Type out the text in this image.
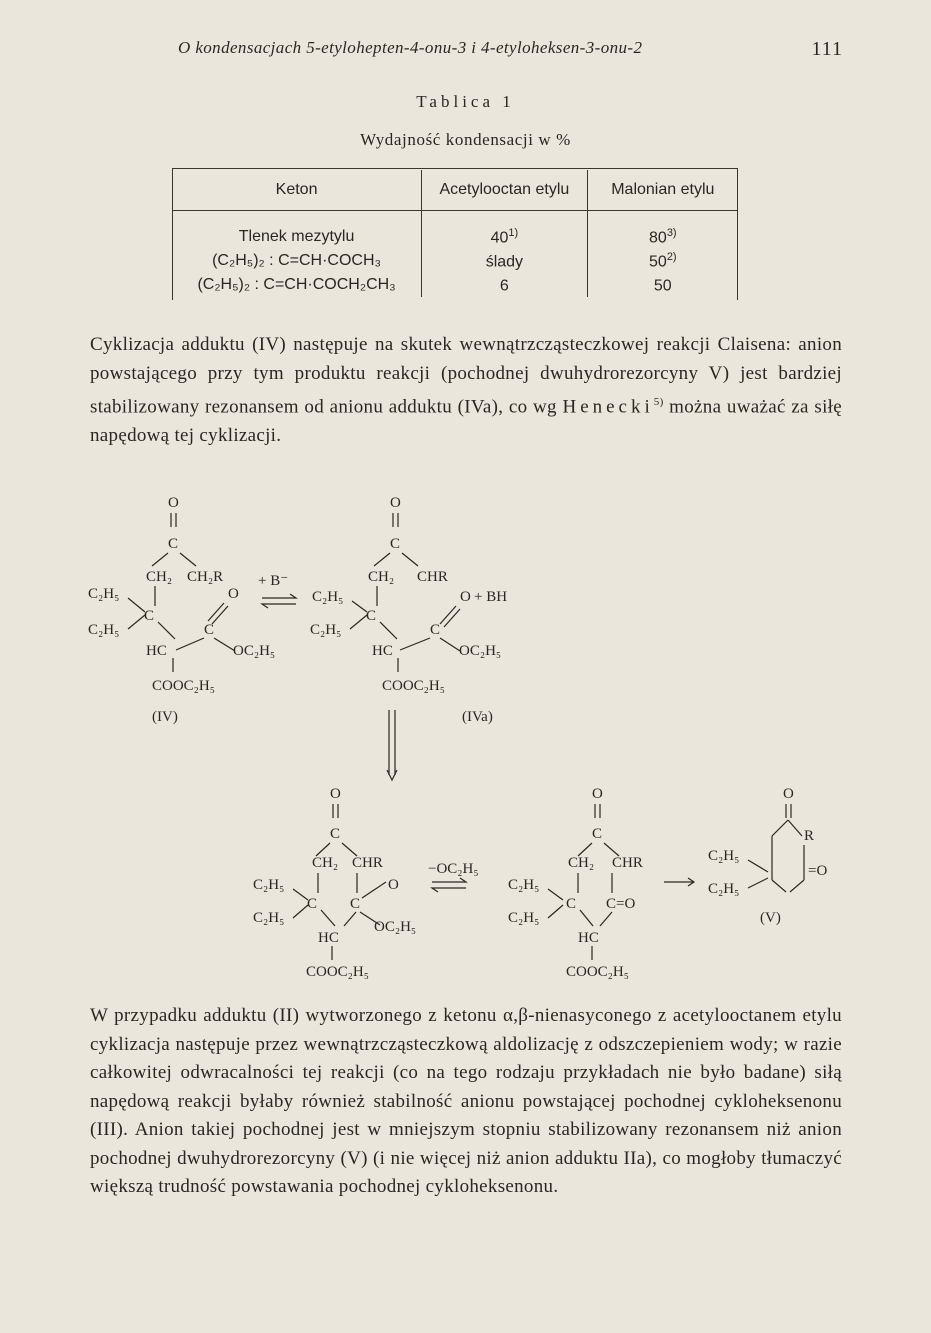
O kondensacjach 5-etylohepten-4-onu-3 i 4-etyloheksen-3-onu-2	111
Tablica 1
Wydajność kondensacji w %
Keton	Acetylooctan etylu	Malonian etylu
Tlenek mezytylu	40$^{1)}$	80$^{3)}$
(C₂H₅)₂ : C=CH·COCH₃	ślady	50$^{2)}$
(C₂H₅)₂ : C=CH·COCH₂CH₃	6	50
Cyklizacja adduktu (IV) następuje na skutek wewnątrzcząsteczkowej reakcji Claisena: anion powstającego przy tym produktu reakcji (pochodnej dwuhydrorezorcyny V) jest bardziej stabilizowany rezonansem od anionu adduktu (IVa), co wg Henecki$^{5)}$ można uważać za siłę napędową tej cyklizacji.
O
C
CH₂ CH₂R
C₂H₅	O
C
C₂H₅	C
HC	OC₂H₅
COOC₂H₅
(IV)
+ B⁻
O
C
CH₂ CHR
C₂H₅	O + BH
C
C₂H₅	C
HC	OC₂H₅
COOC₂H₅
(IVa)
O
C
CH₂ CHR
C₂H₅	O
C C
C₂H₅
OC₂H₅
HC
COOC₂H₅
−OC₂H₅
O
C
CH₂ CHR
C₂H₅
C C=O
C₂H₅
HC
COOC₂H₅
O
R
=O
C₂H₅
C₂H₅
(V)
W przypadku adduktu (II) wytworzonego z ketonu α,β-nienasyconego z acetylooctanem etylu cyklizacja następuje przez wewnątrzcząsteczkową aldolizację z odszczepieniem wody; w razie całkowitej odwracalności tej reakcji (co na tego rodzaju przykładach nie było badane) siłą napędową reakcji byłaby również stabilność anionu powstającej pochodnej cykloheksenonu (III). Anion takiej pochodnej jest w mniejszym stopniu stabilizowany rezonansem niż anion pochodnej dwuhydrorezorcyny (V) (i nie więcej niż anion adduktu IIa), co mogłoby tłumaczyć większą trudność powstawania pochodnej cykloheksenonu.
